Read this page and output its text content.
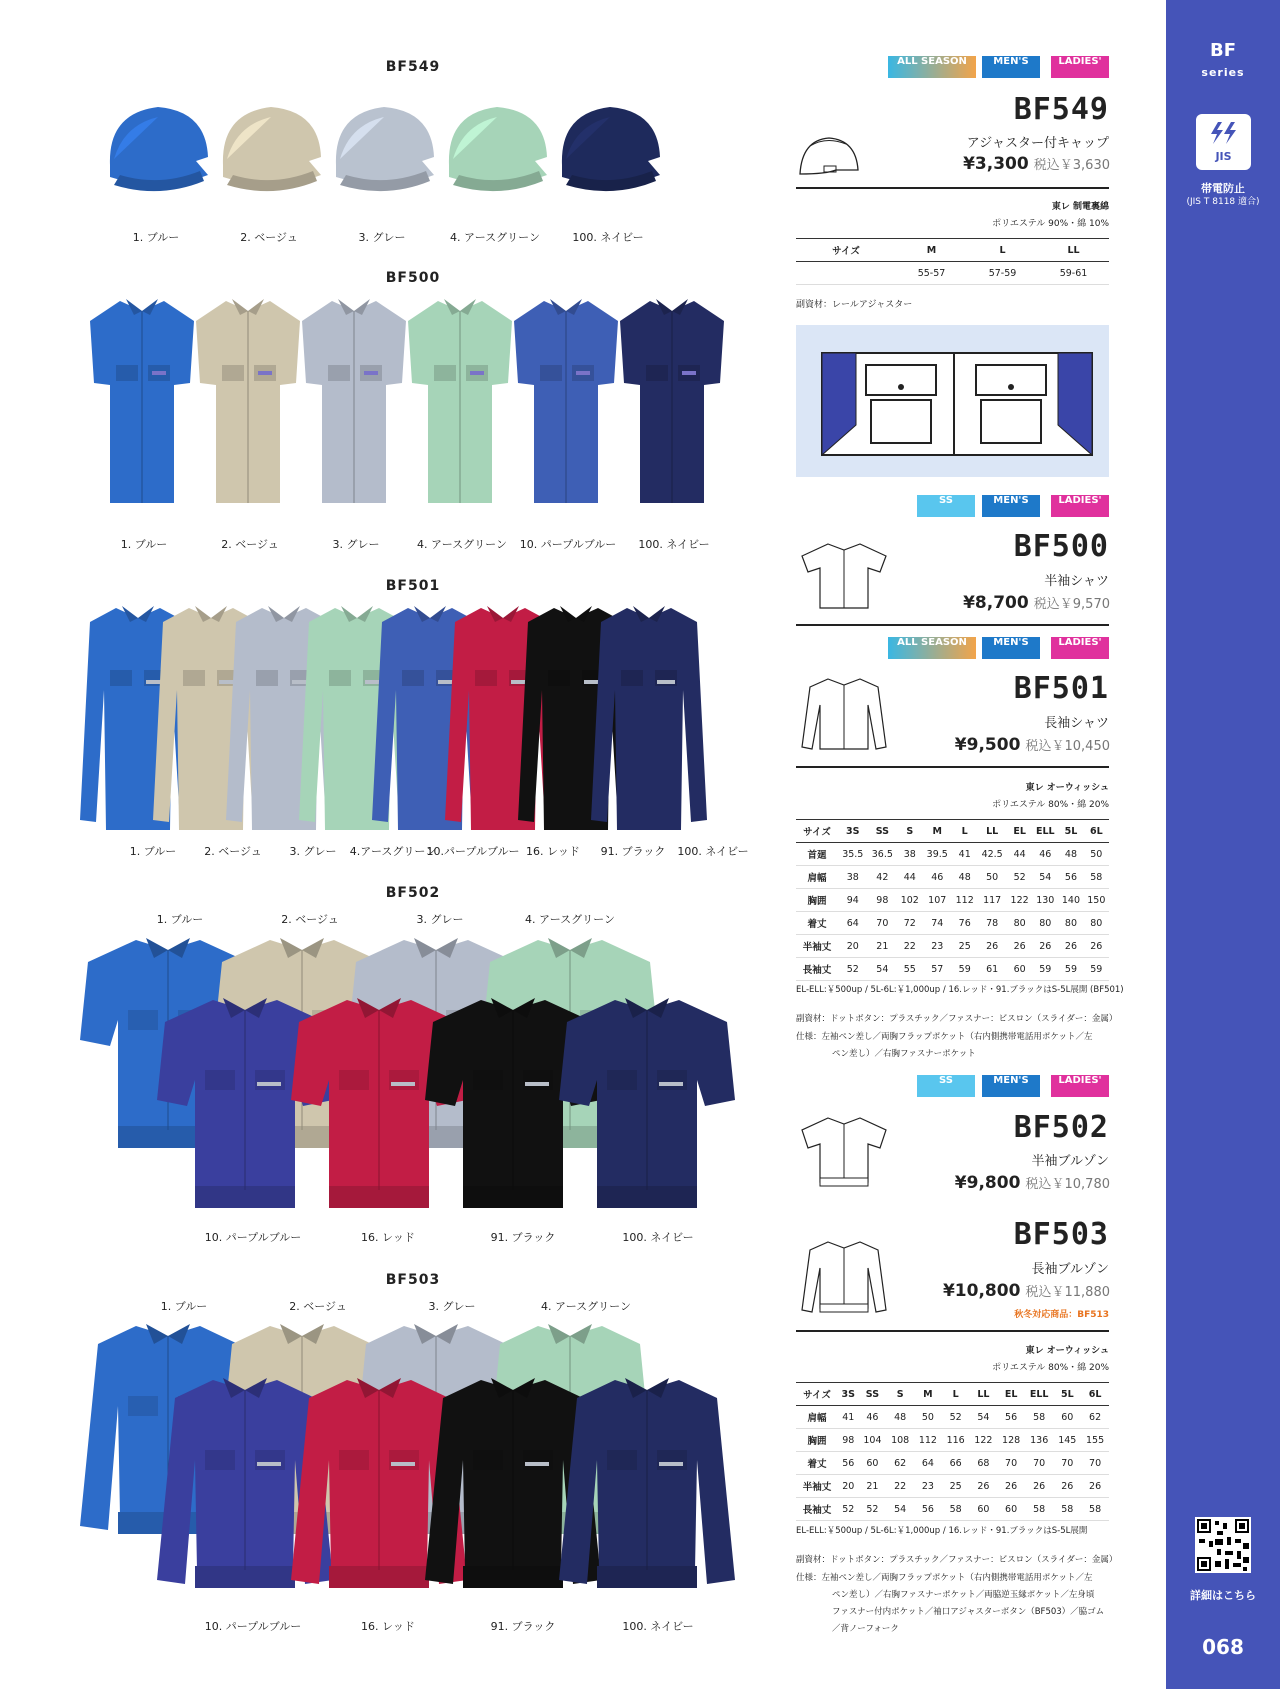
BF
series
帯電防止
(JIS T 8118 適合)
詳細はこちら
068
JIS
BF549
1. ブルー	2. ベージュ	3. グレー	4. アースグリーン	100. ネイビー
BF500
1. ブルー	2. ベージュ	3. グレー	4. アースグリーン	10. パープルブルー	100. ネイビー
BF501
1. ブルー	2. ベージュ	3. グレー	4.アースグリーン
10.パープルブルー 16. レッド	91. ブラック	100. ネイビー
BF502
1. ブルー	2. ベージュ	3. グレー	4. アースグリーン
10. パープルブルー	16. レッド	91. ブラック	100. ネイビー
BF503
1. ブルー	2. ベージュ	3. グレー	4. アースグリーン
10. パープルブルー	16. レッド	91. ブラック	100. ネイビー
ALL SEASON	MEN'S	LADIES'
BF549
アジャスター付キャップ
¥3,300 税込￥3,630
東レ 制電裏綿
ポリエステル 90%・綿 10%
サイズ	M	L	LL
	55-57	57-59	59-61
副資材：レールアジャスター
SS	MEN'S	LADIES'
BF500
半袖シャツ
¥8,700 税込￥9,570
ALL SEASON	MEN'S	LADIES'
BF501
長袖シャツ
¥9,500 税込￥10,450
東レ オーウィッシュ
ポリエステル 80%・綿 20%
サイズ	3S	SS	S	M	L	LL	EL	ELL	5L	6L
首廻	35.5	36.5	38	39.5	41	42.5	44	46	48	50
肩幅	38	42	44	46	48	50	52	54	56	58
胸囲	94	98	102	107	112	117	122	130	140	150
着丈	64	70	72	74	76	78	80	80	80	80
半袖丈	20	21	22	23	25	26	26	26	26	26
長袖丈	52	54	55	57	59	61	60	59	59	59
EL-ELL:￥500up / 5L-6L:￥1,000up / 16.レッド・91.ブラックはS-5L展開 (BF501)
副資材：ドットボタン：プラスチック／ファスナー：ビスロン（スライダー：金属）
仕様：左袖ペン差し／両胸フラップポケット（右内側携帯電話用ポケット／左
ペン差し）／右胸ファスナーポケット
SS	MEN'S	LADIES'
BF502
半袖ブルゾン
¥9,800 税込￥10,780
BF503
長袖ブルゾン
¥10,800 税込￥11,880
秋冬対応商品：BF513
東レ オーウィッシュ
ポリエステル 80%・綿 20%
サイズ	3S	SS	S	M	L	LL	EL	ELL	5L	6L
肩幅	41	46	48	50	52	54	56	58	60	62
胸囲	98	104	108	112	116	122	128	136	145	155
着丈	56	60	62	64	66	68	70	70	70	70
半袖丈	20	21	22	23	25	26	26	26	26	26
長袖丈	52	52	54	56	58	60	60	58	58	58
EL-ELL:￥500up / 5L-6L:￥1,000up / 16.レッド・91.ブラックはS-5L展開
副資材：ドットボタン：プラスチック／ファスナー：ビスロン（スライダー：金属）
仕様：左袖ペン差し／両胸フラップポケット（右内側携帯電話用ポケット／左
ペン差し）／右胸ファスナーポケット／両脇逆玉縁ポケット／左身頃
ファスナー付内ポケット／袖口アジャスターボタン（BF503）／脇ゴム
／背ノーフォーク
